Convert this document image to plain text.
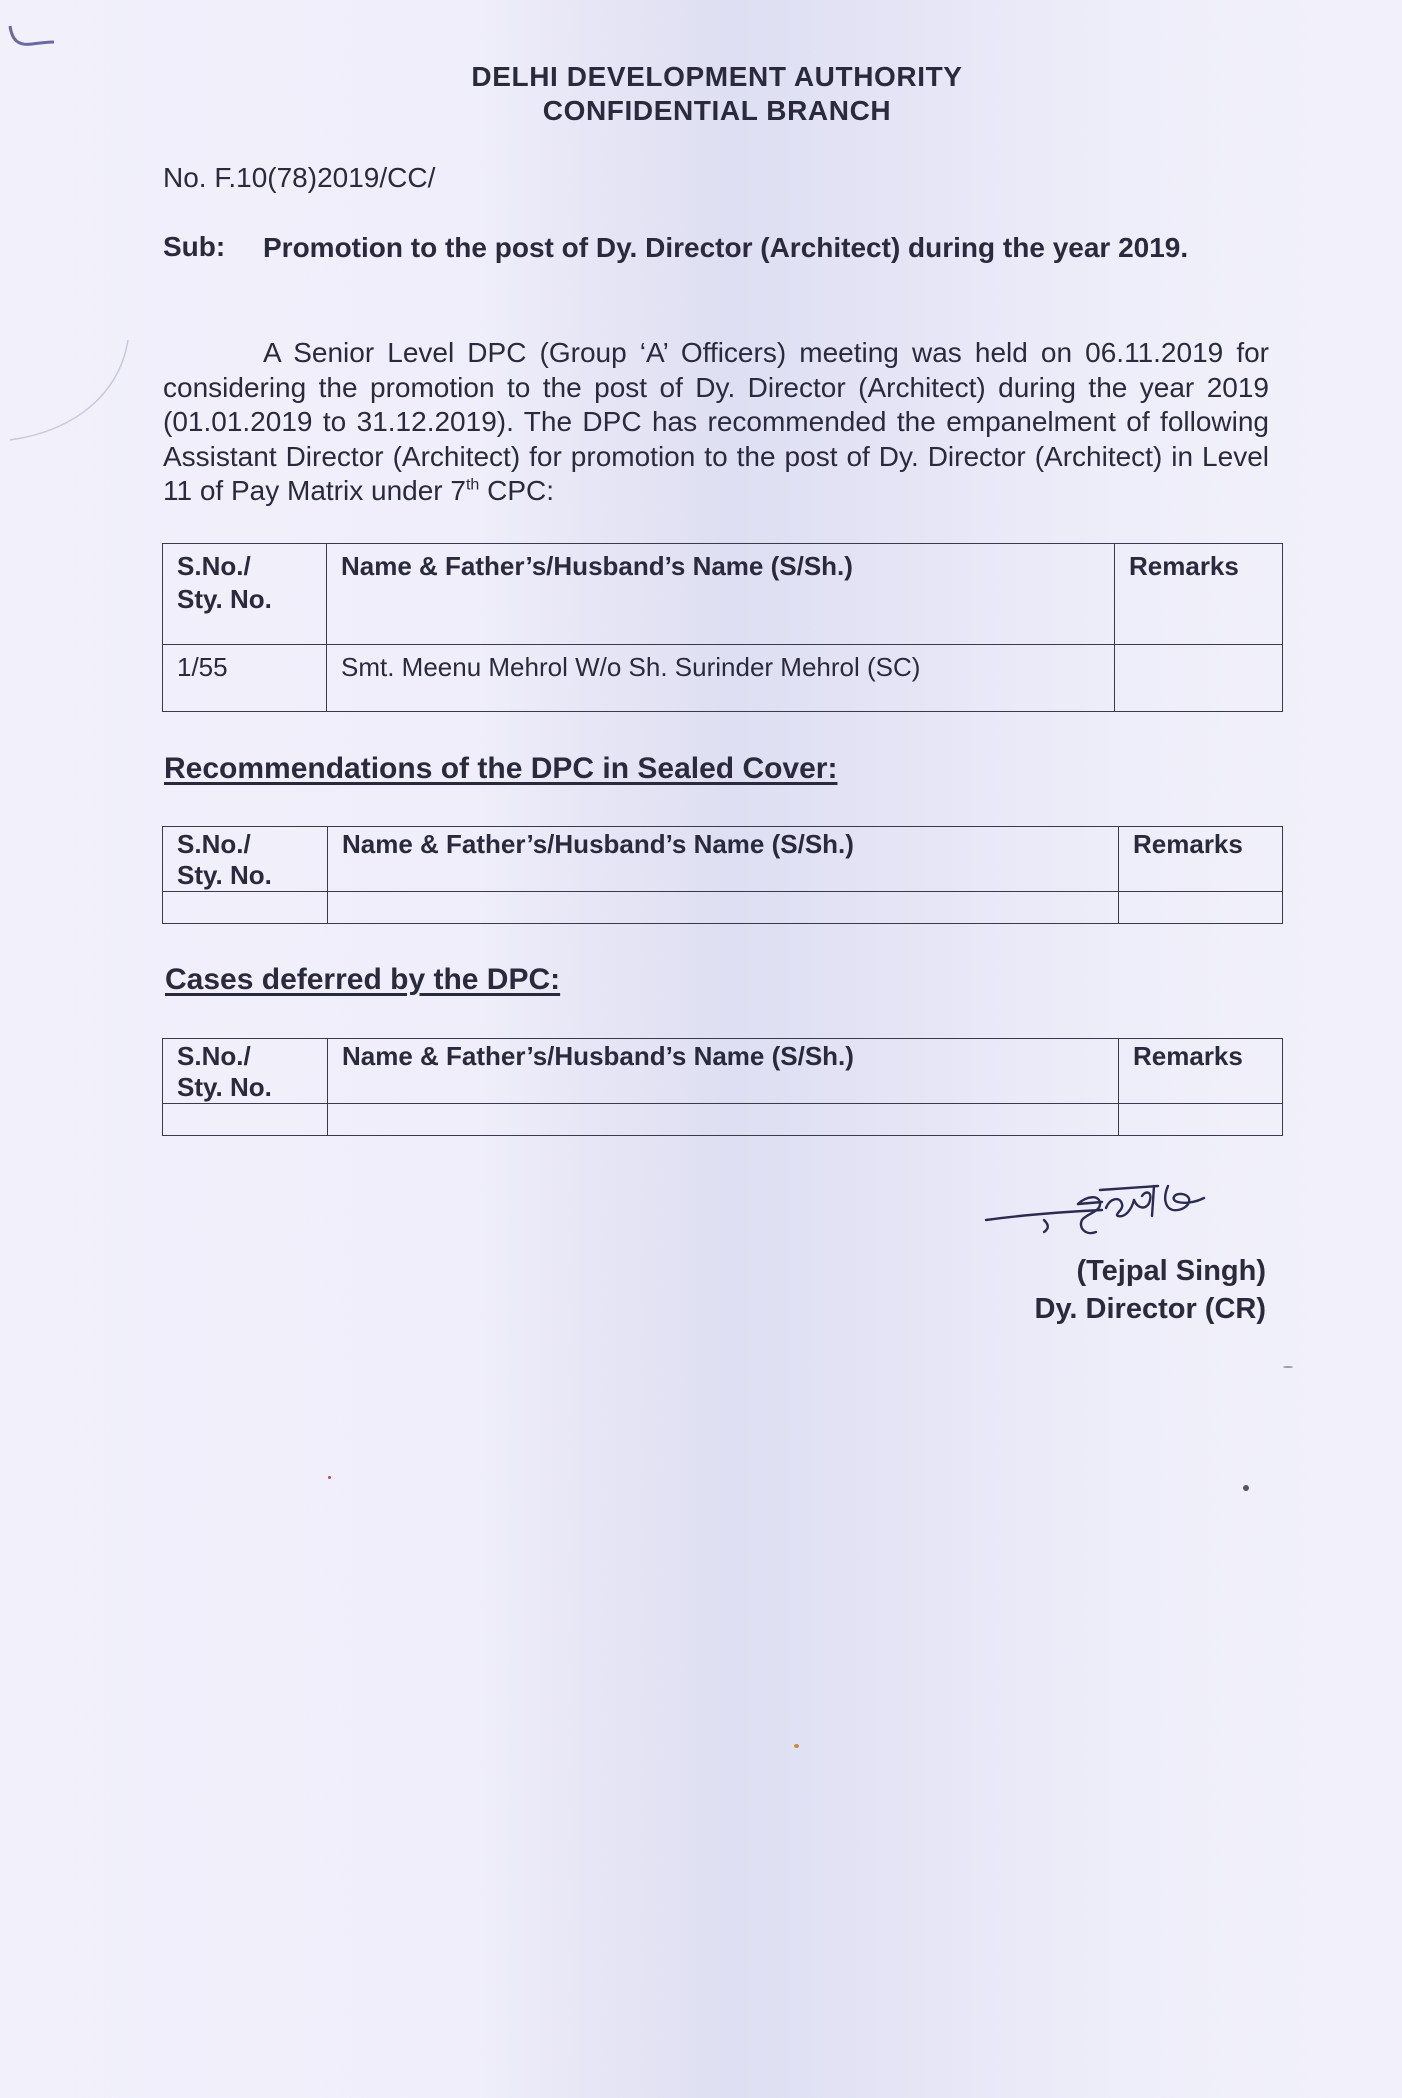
DELHI DEVELOPMENT AUTHORITY
CONFIDENTIAL BRANCH
No. F.10(78)2019/CC/
Sub: Promotion to the post of Dy. Director (Architect) during the year 2019.
A Senior Level DPC (Group ‘A’ Officers) meeting was held on 06.11.2019 for considering the promotion to the post of Dy. Director (Architect) during the year 2019 (01.01.2019 to 31.12.2019). The DPC has recommended the empanelment of following Assistant Director (Architect) for promotion to the post of Dy. Director (Architect) in Level 11 of Pay Matrix under 7th CPC:
S.No./
Sty. No.	Name & Father’s/Husband’s Name (S/Sh.)	Remarks

1/55	Smt. Meenu Mehrol W/o Sh. Surinder Mehrol (SC)	

Recommendations of the DPC in Sealed Cover:
S.No./
Sty. No.	Name & Father’s/Husband’s Name (S/Sh.)	Remarks

Cases deferred by the DPC:
S.No./
Sty. No.	Name & Father’s/Husband’s Name (S/Sh.)	Remarks

(Tejpal Singh)
Dy. Director (CR)
